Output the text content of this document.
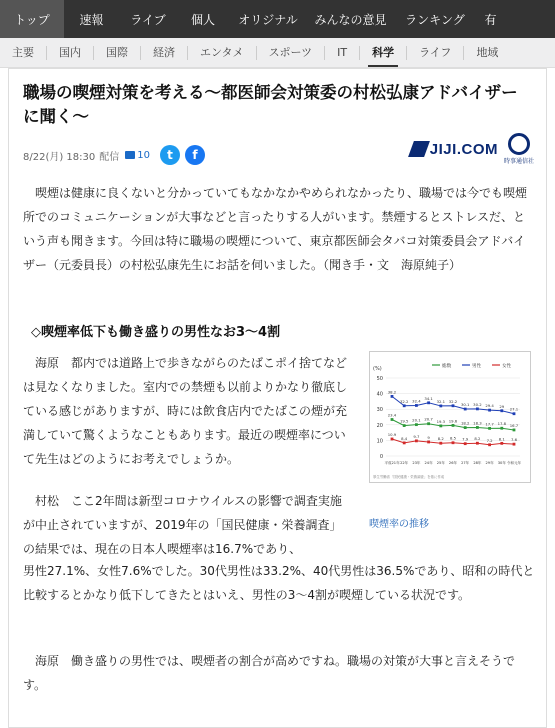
トップ	速報	ライブ	個人	オリジナル	みんなの意見	ランキング	有
主要	国内	国際	経済	エンタメ	スポーツ	IT	科学	ライフ	地域
職場の喫煙対策を考える〜都医師会対策委の村松弘康アドバイザーに聞く〜
8/22(月) 18:30 配信 10	t	f	JIJI.COM
時事通信社

喫煙は健康に良くないと分かっていてもなかなかやめられなかったり、職場では今でも喫煙所でのコミュニケーションが大事などと言ったりする人がいます。禁煙するとストレスだ、という声も聞きます。今回は特に職場の喫煙について、東京都医師会タバコ対策委員会アドバイザー（元委員長）の村松弘康先生にお話を伺いました。（聞き手・文　海原純子）

◇喫煙率低下も働き盛りの男性なお3〜4割

海原　都内では道路上で歩きながらのたばこポイ捨てなどは見なくなりました。室内での禁煙も以前よりかなり徹底している感じがありますが、時には飲食店内でたばこの煙が充満していて驚くようなこともあります。最近の喫煙率について先生はどのようにお考えでしょうか。

(%)
0
10
20
30
40
50
平成21年 22年 23年 24年 25年 26年 27年 28年 29年 30年 令和元年
総数	男性	女性
23.4
19.5 20.1 20.7 19.3 19.6 18.2 18.3 17.7 17.8 16.7
38.2
32.2 32.4
34.1
32.1 32.2
30.1 30.2 29.4 29
27.1
10.9
8.4 9.7 9 8.2 8.5 7.9 8.2 7.2 8.1 7.6
厚生労働省「国民健康・栄養調査」を基に作成
喫煙率の推移

村松　ここ2年間は新型コロナウイルスの影響で調査実施が中止されていますが、2019年の「国民健康・栄養調査」の結果では、現在の日本人喫煙率は16.7%であり、

男性27.1%、女性7.6%でした。30代男性は33.2%、40代男性は36.5%であり、昭和の時代と比較するとかなり低下してきたとはいえ、男性の3〜4割が喫煙している状況です。

海原　働き盛りの男性では、喫煙者の割合が高めですね。職場の対策が大事と言えそうです。
